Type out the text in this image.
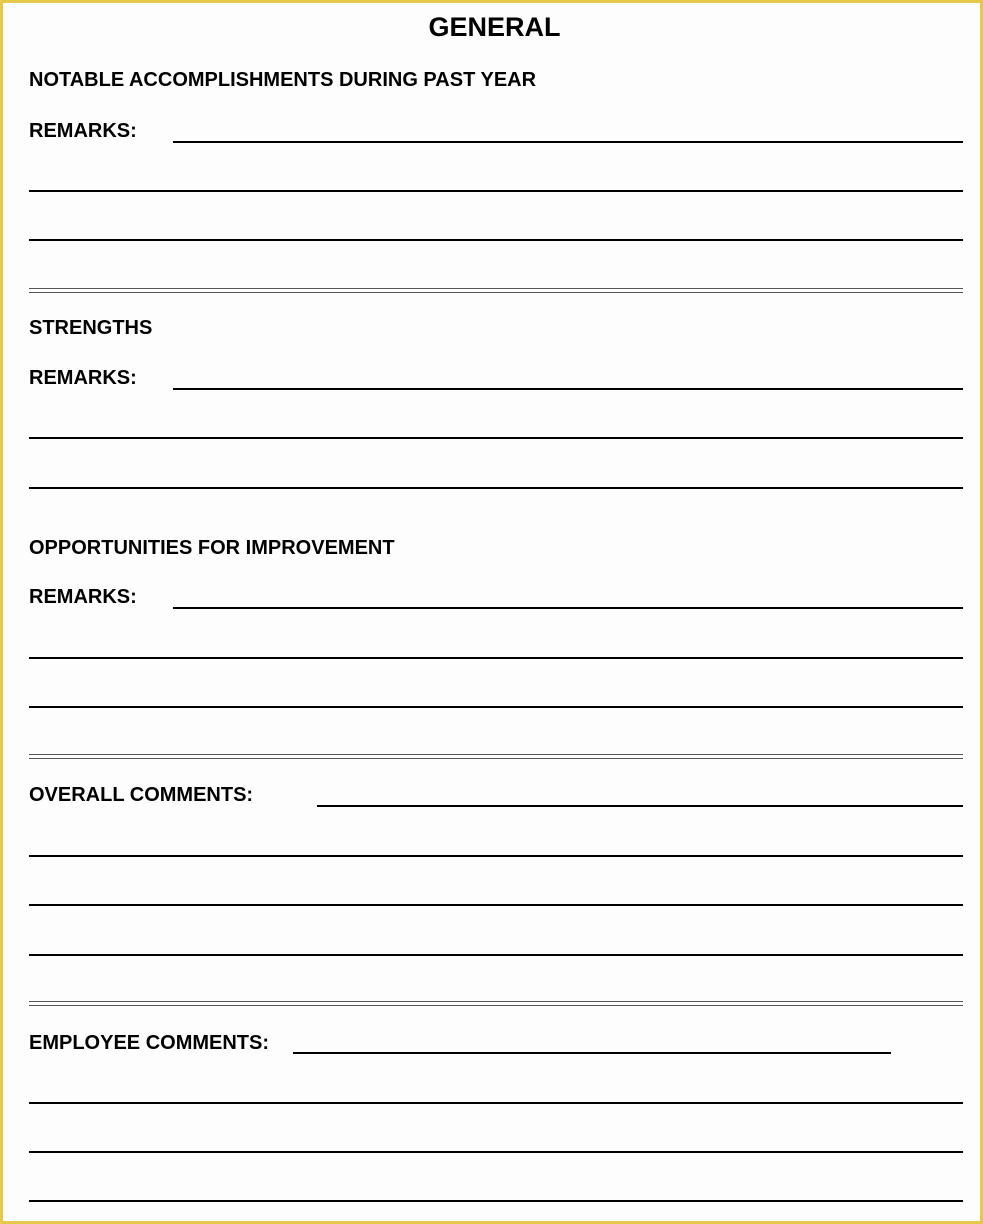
GENERAL
NOTABLE ACCOMPLISHMENTS DURING PAST YEAR
REMARKS:
STRENGTHS
REMARKS:
OPPORTUNITIES FOR IMPROVEMENT
REMARKS:
OVERALL COMMENTS:
EMPLOYEE COMMENTS:
